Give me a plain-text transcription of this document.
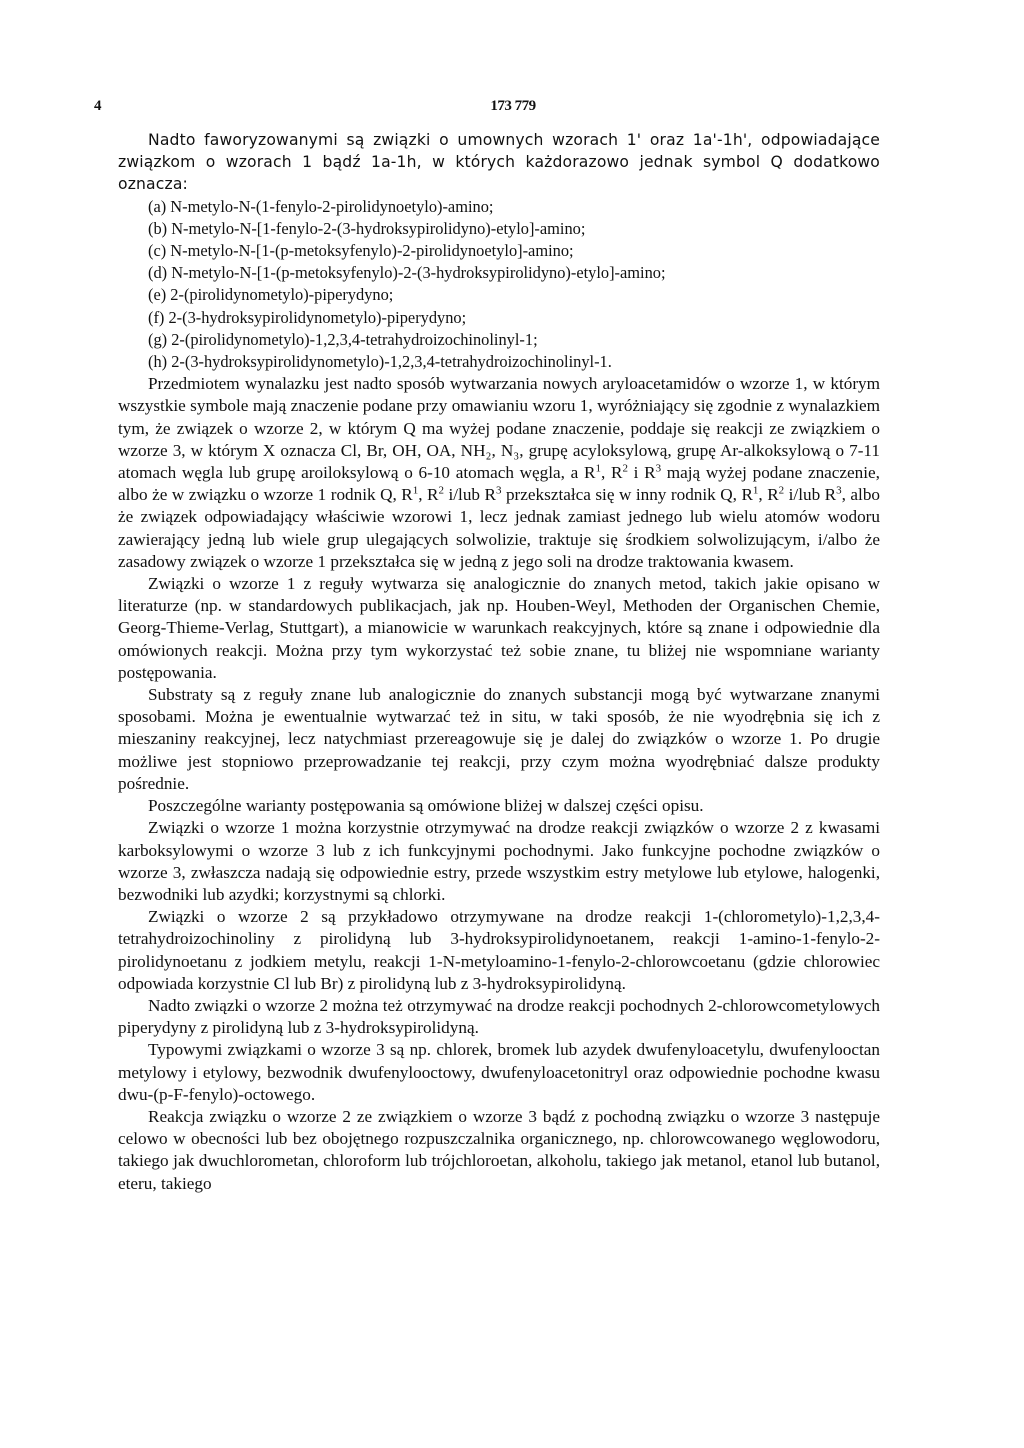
4	173 779

Nadto faworyzowanymi są związki o umownych wzorach 1' oraz 1a'-1h', odpowiadające związkom o wzorach 1 bądź 1a-1h, w których każdorazowo jednak symbol Q dodatkowo oznacza:

(a) N-metylo-N-(1-fenylo-2-pirolidynoetylo)-amino;
(b) N-metylo-N-[1-fenylo-2-(3-hydroksypirolidyno)-etylo]-amino;
(c) N-metylo-N-[1-(p-metoksyfenylo)-2-pirolidynoetylo]-amino;
(d) N-metylo-N-[1-(p-metoksyfenylo)-2-(3-hydroksypirolidyno)-etylo]-amino;
(e) 2-(pirolidynometylo)-piperydyno;
(f) 2-(3-hydroksypirolidynometylo)-piperydyno;
(g) 2-(pirolidynometylo)-1,2,3,4-tetrahydroizochinolinyl-1;
(h) 2-(3-hydroksypirolidynometylo)-1,2,3,4-tetrahydroizochinolinyl-1.

Przedmiotem wynalazku jest nadto sposób wytwarzania nowych aryloacetamidów o wzorze 1, w którym wszystkie symbole mają znaczenie podane przy omawianiu wzoru 1, wyróżniający się zgodnie z wynalazkiem tym, że związek o wzorze 2, w którym Q ma wyżej podane znaczenie, poddaje się reakcji ze związkiem o wzorze 3, w którym X oznacza Cl, Br, OH, OA, NH₂, N₃, grupę acyloksylową, grupę Ar-alkoksylową o 7-11 atomach węgla lub grupę aroiloksylową o 6-10 atomach węgla, a $R^1$, $R^2$ i $R^3$ mają wyżej podane znaczenie, albo że w związku o wzorze 1 rodnik Q, $R^1$, $R^2$ i/lub $R^3$ przekształca się w inny rodnik Q, $R^1$, $R^2$ i/lub $R^3$, albo że związek odpowiadający właściwie wzorowi 1, lecz jednak zamiast jednego lub wielu atomów wodoru zawierający jedną lub wiele grup ulegających solwolizie, traktuje się środkiem solwolizującym, i/albo że zasadowy związek o wzorze 1 przekształca się w jedną z jego soli na drodze traktowania kwasem.

Związki o wzorze 1 z reguły wytwarza się analogicznie do znanych metod, takich jakie opisano w literaturze (np. w standardowych publikacjach, jak np. Houben-Weyl, Methoden der Organischen Chemie, Georg-Thieme-Verlag, Stuttgart), a mianowicie w warunkach reakcyjnych, które są znane i odpowiednie dla omówionych reakcji. Można przy tym wykorzystać też sobie znane, tu bliżej nie wspomniane warianty postępowania.

Substraty są z reguły znane lub analogicznie do znanych substancji mogą być wytwarzane znanymi sposobami. Można je ewentualnie wytwarzać też in situ, w taki sposób, że nie wyodrębnia się ich z mieszaniny reakcyjnej, lecz natychmiast przereagowuje się je dalej do związków o wzorze 1. Po drugie możliwe jest stopniowo przeprowadzanie tej reakcji, przy czym można wyodrębniać dalsze produkty pośrednie.

Poszczególne warianty postępowania są omówione bliżej w dalszej części opisu.

Związki o wzorze 1 można korzystnie otrzymywać na drodze reakcji związków o wzorze 2 z kwasami karboksylowymi o wzorze 3 lub z ich funkcyjnymi pochodnymi. Jako funkcyjne pochodne związków o wzorze 3, zwłaszcza nadają się odpowiednie estry, przede wszystkim estry metylowe lub etylowe, halogenki, bezwodniki lub azydki; korzystnymi są chlorki.

Związki o wzorze 2 są przykładowo otrzymywane na drodze reakcji 1-(chlorometylo)-1,2,3,4-tetrahydroizochinoliny z pirolidyną lub 3-hydroksypirolidynoetanem, reakcji 1-amino-1-fenylo-2-pirolidynoetanu z jodkiem metylu, reakcji 1-N-metyloamino-1-fenylo-2-chlorowcoetanu (gdzie chlorowiec odpowiada korzystnie Cl lub Br) z pirolidyną lub z 3-hydroksypirolidyną.

Nadto związki o wzorze 2 można też otrzymywać na drodze reakcji pochodnych 2-chlorowcometylowych piperydyny z pirolidyną lub z 3-hydroksypirolidyną.

Typowymi związkami o wzorze 3 są np. chlorek, bromek lub azydek dwufenyloacetylu, dwufenylooctan metylowy i etylowy, bezwodnik dwufenylooctowy, dwufenyloacetonitryl oraz odpowiednie pochodne kwasu dwu-(p-F-fenylo)-octowego.

Reakcja związku o wzorze 2 ze związkiem o wzorze 3 bądź z pochodną związku o wzorze 3 następuje celowo w obecności lub bez obojętnego rozpuszczalnika organicznego, np. chlorowcowanego węglowodoru, takiego jak dwuchlorometan, chloroform lub trójchloroetan, alkoholu, takiego jak metanol, etanol lub butanol, eteru, takiego
